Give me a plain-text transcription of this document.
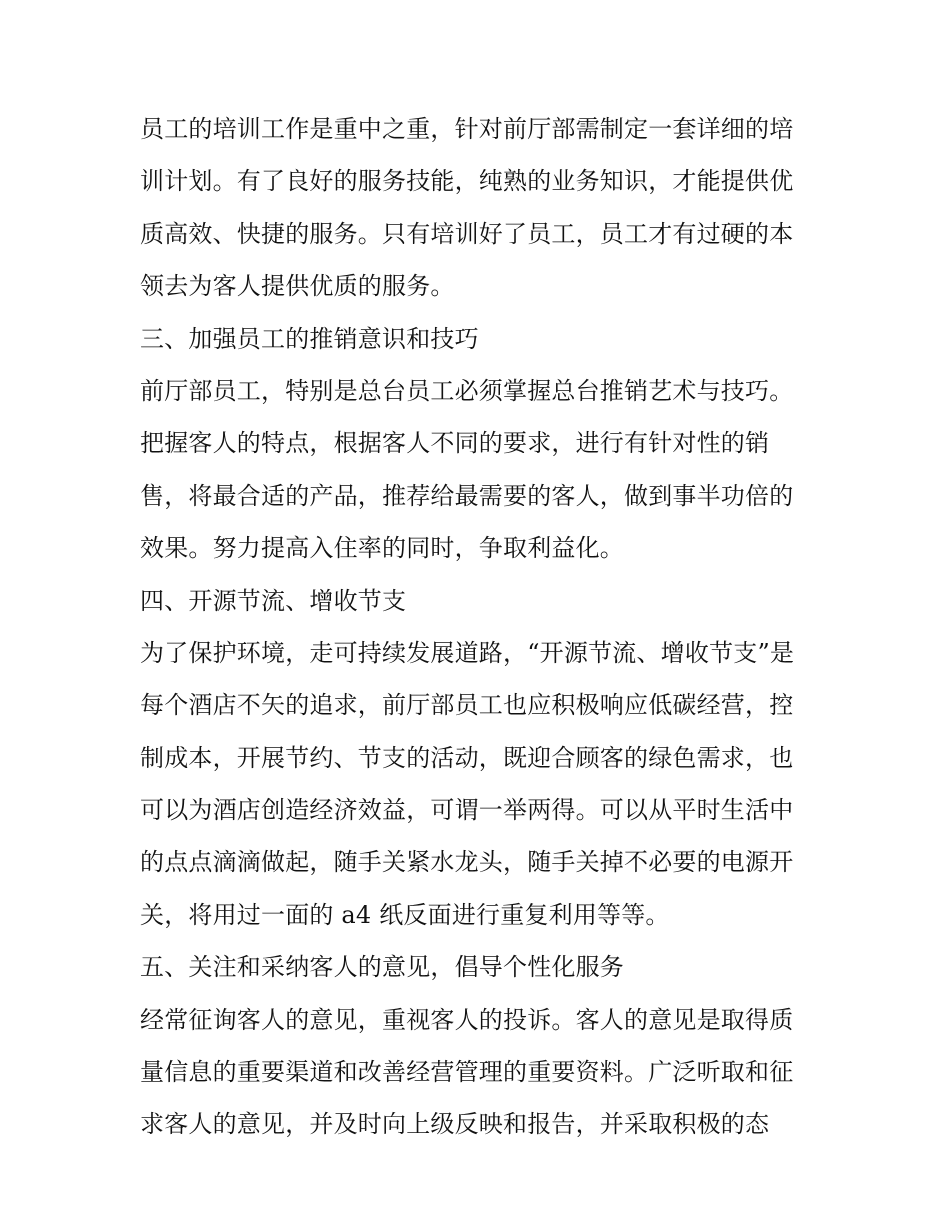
员工的培训工作是重中之重，针对前厅部需制定一套详细的培
训计划。有了良好的服务技能，纯熟的业务知识，才能提供优
质高效、快捷的服务。只有培训好了员工，员工才有过硬的本
领去为客人提供优质的服务。
三、加强员工的推销意识和技巧
前厅部员工，特别是总台员工必须掌握总台推销艺术与技巧。
把握客人的特点，根据客人不同的要求，进行有针对性的销
售，将最合适的产品，推荐给最需要的客人，做到事半功倍的
效果。努力提高入住率的同时，争取利益化。
四、开源节流、增收节支
为了保护环境，走可持续发展道路，“开源节流、增收节支”是
每个酒店不矢的追求，前厅部员工也应积极响应低碳经营，控
制成本，开展节约、节支的活动，既迎合顾客的绿色需求，也
可以为酒店创造经济效益，可谓一举两得。可以从平时生活中
的点点滴滴做起，随手关紧水龙头，随手关掉不必要的电源开
关，将用过一面的 a4 纸反面进行重复利用等等。
五、关注和采纳客人的意见，倡导个性化服务
经常征询客人的意见，重视客人的投诉。客人的意见是取得质
量信息的重要渠道和改善经营管理的重要资料。广泛听取和征
求客人的意见，并及时向上级反映和报告，并采取积极的态
